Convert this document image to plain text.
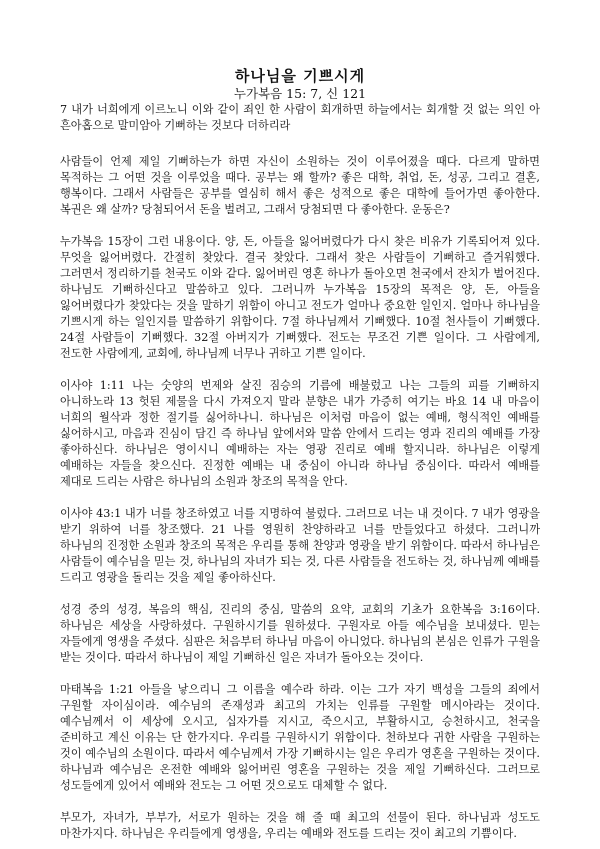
하나님을 기쁘시게

누가복음 15: 7, 신 121

7 내가 너희에게 이르노니 이와 같이 죄인 한 사람이 회개하면 하늘에서는 회개할 것 없는 의인 아흔아홉으로 말미암아 기뻐하는 것보다 더하리라

사람들이 언제 제일 기뻐하는가 하면 자신이 소원하는 것이 이루어졌을 때다. 다르게 말하면 목적하는 그 어떤 것을 이루었을 때다. 공부는 왜 할까? 좋은 대학, 취업, 돈, 성공, 그리고 결혼, 행복이다. 그래서 사람들은 공부를 열심히 해서 좋은 성적으로 좋은 대학에 들어가면 좋아한다. 복권은 왜 살까? 당첨되어서 돈을 벌려고, 그래서 당첨되면 다 좋아한다. 운동은?

누가복음 15장이 그런 내용이다. 양, 돈, 아들을 잃어버렸다가 다시 찾은 비유가 기록되어져 있다. 무엇을 잃어버렸다. 간절히 찾았다. 결국 찾았다. 그래서 찾은 사람들이 기뻐하고 즐거워했다. 그러면서 정리하기를 천국도 이와 같다. 잃어버린 영혼 하나가 돌아오면 천국에서 잔치가 벌어진다. 하나님도 기뻐하신다고 말씀하고 있다. 그러니까 누가복음 15장의 목적은 양, 돈, 아들을 잃어버렸다가 찾았다는 것을 말하기 위함이 아니고 전도가 얼마나 중요한 일인지. 얼마나 하나님을 기쁘시게 하는 일인지를 말씀하기 위함이다. 7절 하나님께서 기뻐했다. 10절 천사들이 기뻐했다. 24절 사람들이 기뻐했다. 32절 아버지가 기뻐했다. 전도는 무조건 기쁜 일이다. 그 사람에게, 전도한 사람에게, 교회에, 하나님께 너무나 귀하고 기쁜 일이다.

이사야 1:11 나는 숫양의 번제와 살진 짐승의 기름에 배불렀고 나는 그들의 피를 기뻐하지 아니하노라 13 헛된 제물을 다시 가져오지 말라 분향은 내가 가증히 여기는 바요 14 내 마음이 너희의 월삭과 정한 절기를 싫어하나니. 하나님은 이처럼 마음이 없는 예배, 형식적인 예배를 싫어하시고, 마음과 진심이 담긴 즉 하나님 앞에서와 말씀 안에서 드리는 영과 진리의 예배를 가장 좋아하신다. 하나님은 영이시니 예배하는 자는 영광 진리로 예배 할지니라. 하나님은 이렇게 예배하는 자들을 찾으신다. 진정한 예배는 내 중심이 아니라 하나님 중심이다. 따라서 예배를 제대로 드리는 사람은 하나님의 소원과 창조의 목적을 안다.

이사야 43:1 내가 너를 창조하였고 너를 지명하여 불렀다. 그러므로 너는 내 것이다. 7 내가 영광을 받기 위하여 너를 창조했다. 21 나를 영원히 찬양하라고 너를 만들었다고 하셨다. 그러니까 하나님의 진정한 소원과 창조의 목적은 우리를 통해 찬양과 영광을 받기 위함이다. 따라서 하나님은 사람들이 예수님을 믿는 것, 하나님의 자녀가 되는 것, 다른 사람들을 전도하는 것, 하나님께 예배를 드리고 영광을 돌리는 것을 제일 좋아하신다.

성경 중의 성경, 복음의 핵심, 진리의 중심, 말씀의 요약, 교회의 기초가 요한복음 3:16이다. 하나님은 세상을 사랑하셨다. 구원하시기를 원하셨다. 구원자로 아들 예수님을 보내셨다. 믿는 자들에게 영생을 주셨다. 심판은 처음부터 하나님 마음이 아니었다. 하나님의 본심은 인류가 구원을 받는 것이다. 따라서 하나님이 제일 기뻐하신 일은 자녀가 돌아오는 것이다.

마태복음 1:21 아들을 낳으리니 그 이름을 예수라 하라. 이는 그가 자기 백성을 그들의 죄에서 구원할 자이심이라. 예수님의 존재성과 최고의 가치는 인류를 구원할 메시아라는 것이다. 예수님께서 이 세상에 오시고, 십자가를 지시고, 죽으시고, 부활하시고, 승천하시고, 천국을 준비하고 계신 이유는 단 한가지다. 우리를 구원하시기 위함이다. 천하보다 귀한 사람을 구원하는 것이 예수님의 소원이다. 따라서 예수님께서 가장 기뻐하시는 일은 우리가 영혼을 구원하는 것이다. 하나님과 예수님은 온전한 예배와 잃어버린 영혼을 구원하는 것을 제일 기뻐하신다. 그러므로 성도들에게 있어서 예배와 전도는 그 어떤 것으로도 대체할 수 없다.

부모가, 자녀가, 부부가, 서로가 원하는 것을 해 줄 때 최고의 선물이 된다. 하나님과 성도도 마찬가지다. 하나님은 우리들에게 영생을, 우리는 예배와 전도를 드리는 것이 최고의 기쁨이다.
